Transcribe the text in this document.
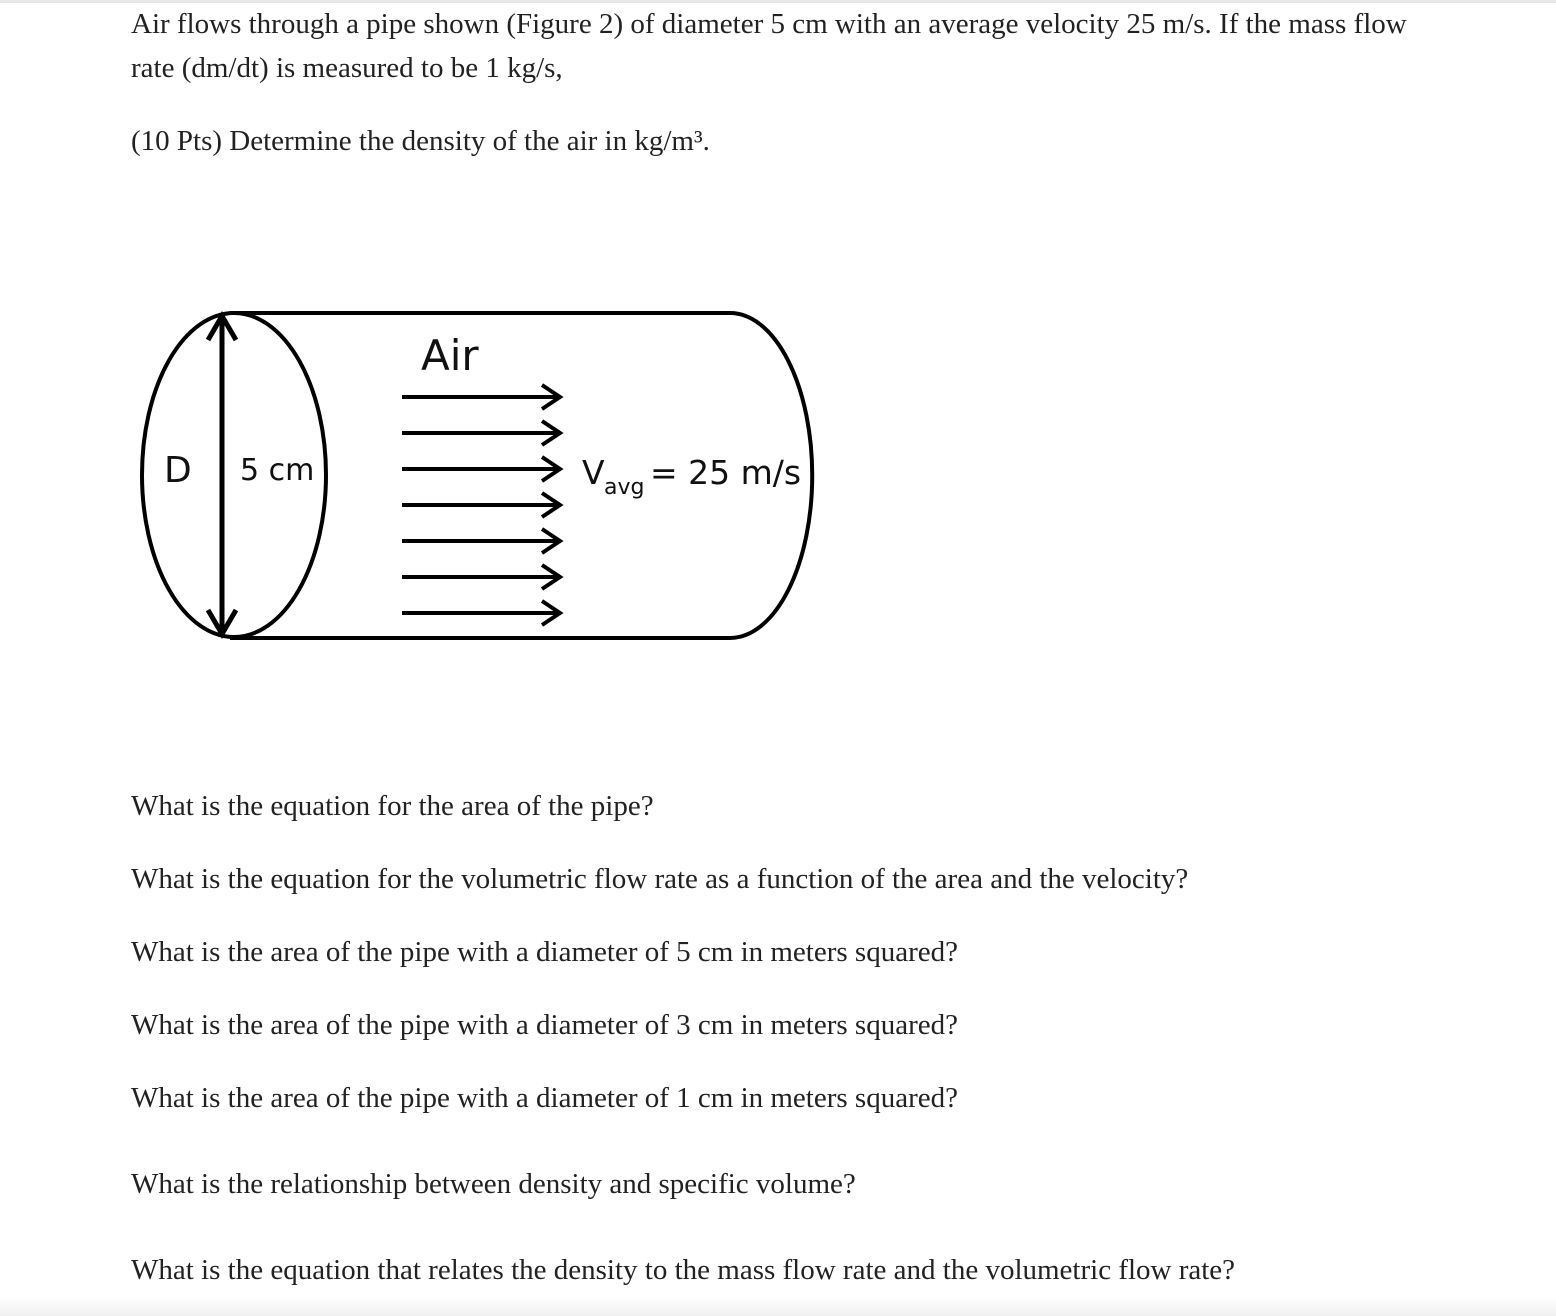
Air flows through a pipe shown (Figure 2) of diameter 5 cm with an average velocity 25 m/s. If the mass flow
rate (dm/dt) is measured to be 1 kg/s,
(10 Pts) Determine the density of the air in kg/m³.
Air
D 5 cm	V avg = 25 m/s
What is the equation for the area of the pipe?
What is the equation for the volumetric flow rate as a function of the area and the velocity?
What is the area of the pipe with a diameter of 5 cm in meters squared?
What is the area of the pipe with a diameter of 3 cm in meters squared?
What is the area of the pipe with a diameter of 1 cm in meters squared?
What is the relationship between density and specific volume?
What is the equation that relates the density to the mass flow rate and the volumetric flow rate?
